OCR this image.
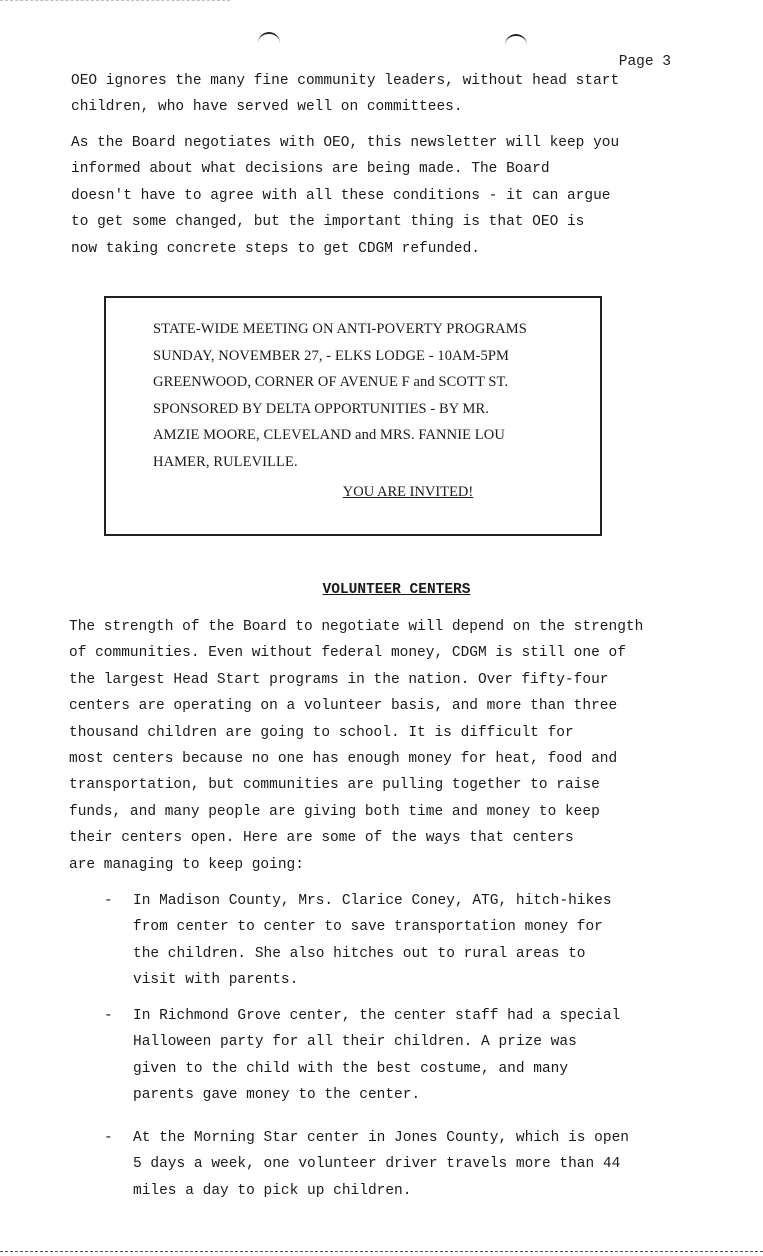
Page 3

OEO ignores the many fine community leaders, without head start
children, who have served well on committees.

As the Board negotiates with OEO, this newsletter will keep you
informed about what decisions are being made. The Board
doesn't have to agree with all these conditions - it can argue
to get some changed, but the important thing is that OEO is
now taking concrete steps to get CDGM refunded.

STATE-WIDE MEETING ON ANTI-POVERTY PROGRAMS
SUNDAY, NOVEMBER 27, - ELKS LODGE - 10AM-5PM
GREENWOOD, CORNER OF AVENUE F and SCOTT ST.
SPONSORED BY DELTA OPPORTUNITIES - BY MR.
AMZIE MOORE, CLEVELAND and MRS. FANNIE LOU
HAMER, RULEVILLE.

YOU ARE INVITED!
VOLUNTEER CENTERS

The strength of the Board to negotiate will depend on the strength
of communities. Even without federal money, CDGM is still one of
the largest Head Start programs in the nation. Over fifty-four
centers are operating on a volunteer basis, and more than three
thousand children are going to school. It is difficult for
most centers because no one has enough money for heat, food and
transportation, but communities are pulling together to raise
funds, and many people are giving both time and money to keep
their centers open. Here are some of the ways that centers
are managing to keep going:

- In Madison County, Mrs. Clarice Coney, ATG, hitch-hikes
from center to center to save transportation money for
the children. She also hitches out to rural areas to
visit with parents.

- In Richmond Grove center, the center staff had a special
Halloween party for all their children. A prize was
given to the child with the best costume, and many
parents gave money to the center.

- At the Morning Star center in Jones County, which is open
5 days a week, one volunteer driver travels more than 44
miles a day to pick up children.
